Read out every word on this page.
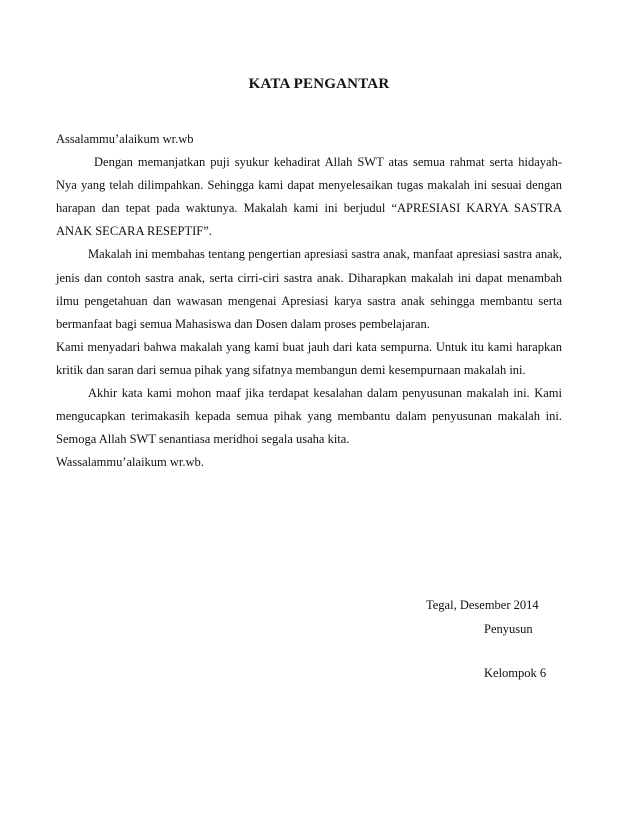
KATA PENGANTAR
Assalammu’alaikum wr.wb
Dengan memanjatkan puji syukur kehadirat Allah SWT atas semua rahmat serta hidayah-
Nya yang telah dilimpahkan. Sehingga kami dapat menyelesaikan tugas makalah ini sesuai dengan
harapan dan tepat pada waktunya. Makalah kami ini berjudul “APRESIASI KARYA SASTRA
ANAK SECARA RESEPTIF”.
Makalah ini membahas tentang pengertian apresiasi sastra anak, manfaat apresiasi sastra anak,
jenis dan contoh sastra anak, serta cirri-ciri sastra anak. Diharapkan makalah ini dapat menambah
ilmu pengetahuan dan wawasan mengenai Apresiasi karya sastra anak sehingga membantu serta
bermanfaat bagi semua Mahasiswa dan Dosen dalam proses pembelajaran.
Kami menyadari bahwa makalah yang kami buat jauh dari kata sempurna. Untuk itu kami harapkan
kritik dan saran dari semua pihak yang sifatnya membangun demi kesempurnaan makalah ini.
Akhir kata kami mohon maaf jika terdapat kesalahan dalam penyusunan makalah ini. Kami
mengucapkan terimakasih kepada semua pihak yang membantu dalam penyusunan makalah ini.
Semoga Allah SWT senantiasa meridhoi segala usaha kita.
Wassalammu’alaikum wr.wb.
Tegal, Desember 2014
Penyusun
Kelompok 6
